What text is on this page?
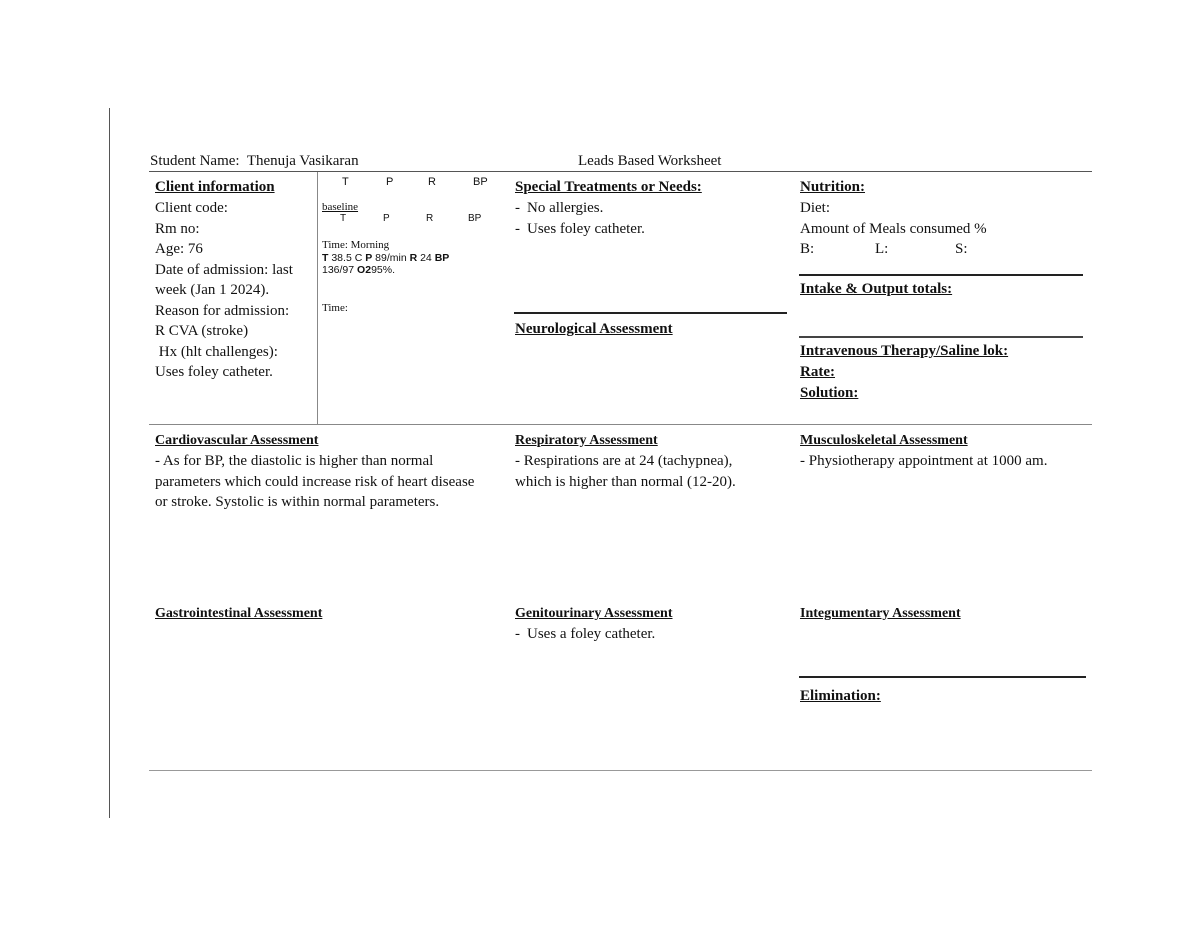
Student Name: Thenuja Vasikaran	Leads Based Worksheet
Client information
Client code:
Rm no:
Age: 76
Date of admission: last
week (Jan 1 2024).
Reason for admission:
R CVA (stroke)
Hx (hlt challenges):
Uses foley catheter.
T	P	R	BP
baseline
T	P	R	BP
Time: Morning
T 38.5 C P 89/min R 24 BP
136/97 O295%.
Time:
Special Treatments or Needs:
- No allergies.
- Uses foley catheter.
Neurological Assessment
Nutrition:
Diet:
Amount of Meals consumed %
B:	L:	S:
Intake & Output totals:
Intravenous Therapy/Saline lok:
Rate:
Solution:
Cardiovascular Assessment
- As for BP, the diastolic is higher than normal
parameters which could increase risk of heart disease
or stroke. Systolic is within normal parameters.
Respiratory Assessment
- Respirations are at 24 (tachypnea),
which is higher than normal (12-20).
Musculoskeletal Assessment
- Physiotherapy appointment at 1000 am.
Gastrointestinal Assessment	Genitourinary Assessment
- Uses a foley catheter.
Integumentary Assessment
Elimination:
